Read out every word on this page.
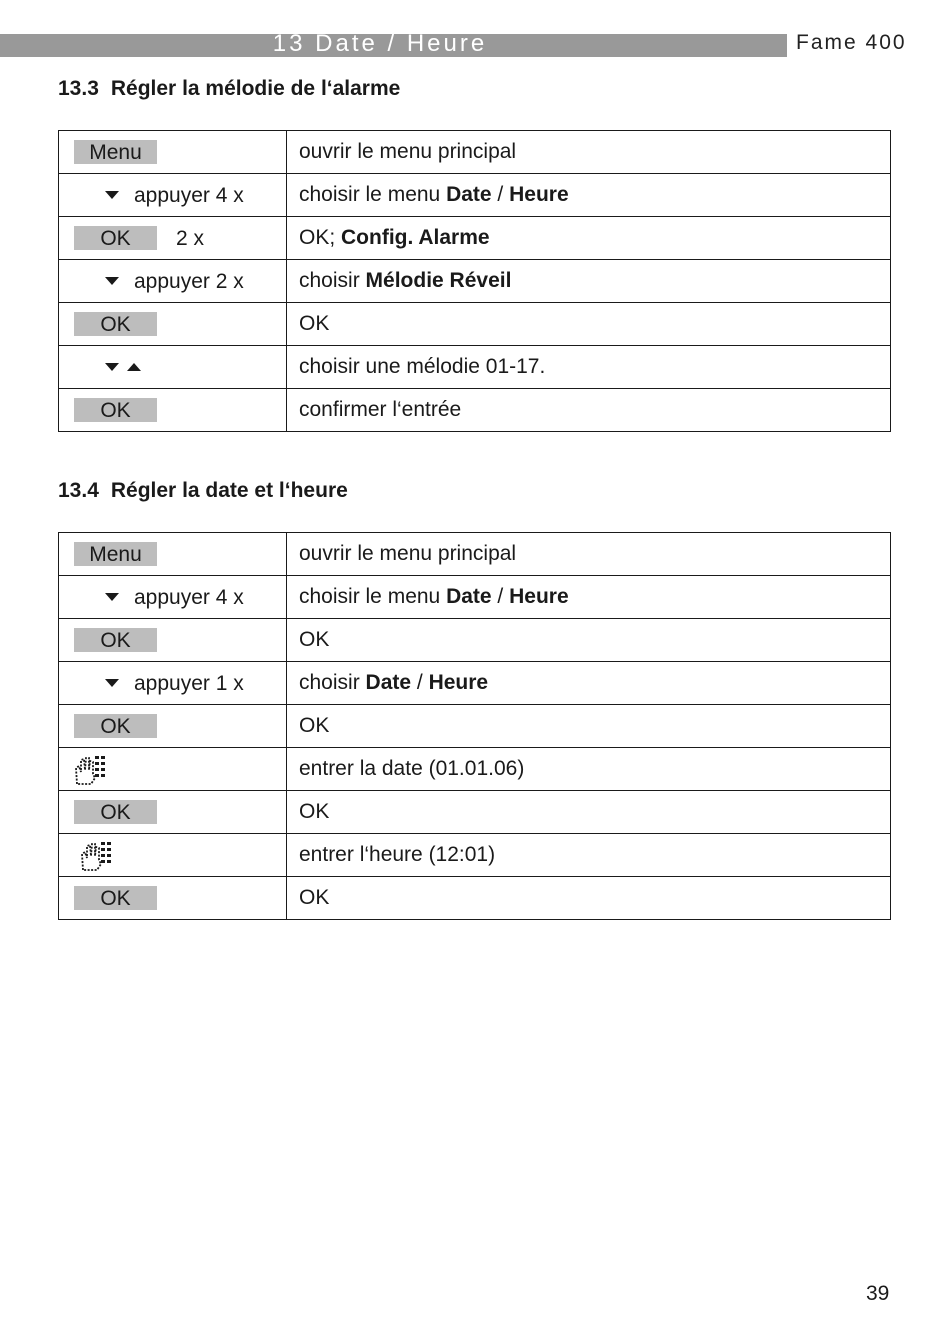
13 Date / Heure	Fame 400
13.3 Régler la mélodie de l‘alarme
Menu	ouvrir le menu principal

appuyer 4 x	choisir le menu Date / Heure

OK 2 x	OK; Config. Alarme

appuyer 2 x	choisir Mélodie Réveil

OK	OK

	choisir une mélodie 01-17.

OK	confirmer l‘entrée
13.4 Régler la date et l‘heure
Menu	ouvrir le menu principal

appuyer 4 x	choisir le menu Date / Heure

OK	OK

appuyer 1 x	choisir Date / Heure

OK	OK

	entrer la date (01.01.06)

OK	OK

	entrer l‘heure (12:01)

OK	OK
39
